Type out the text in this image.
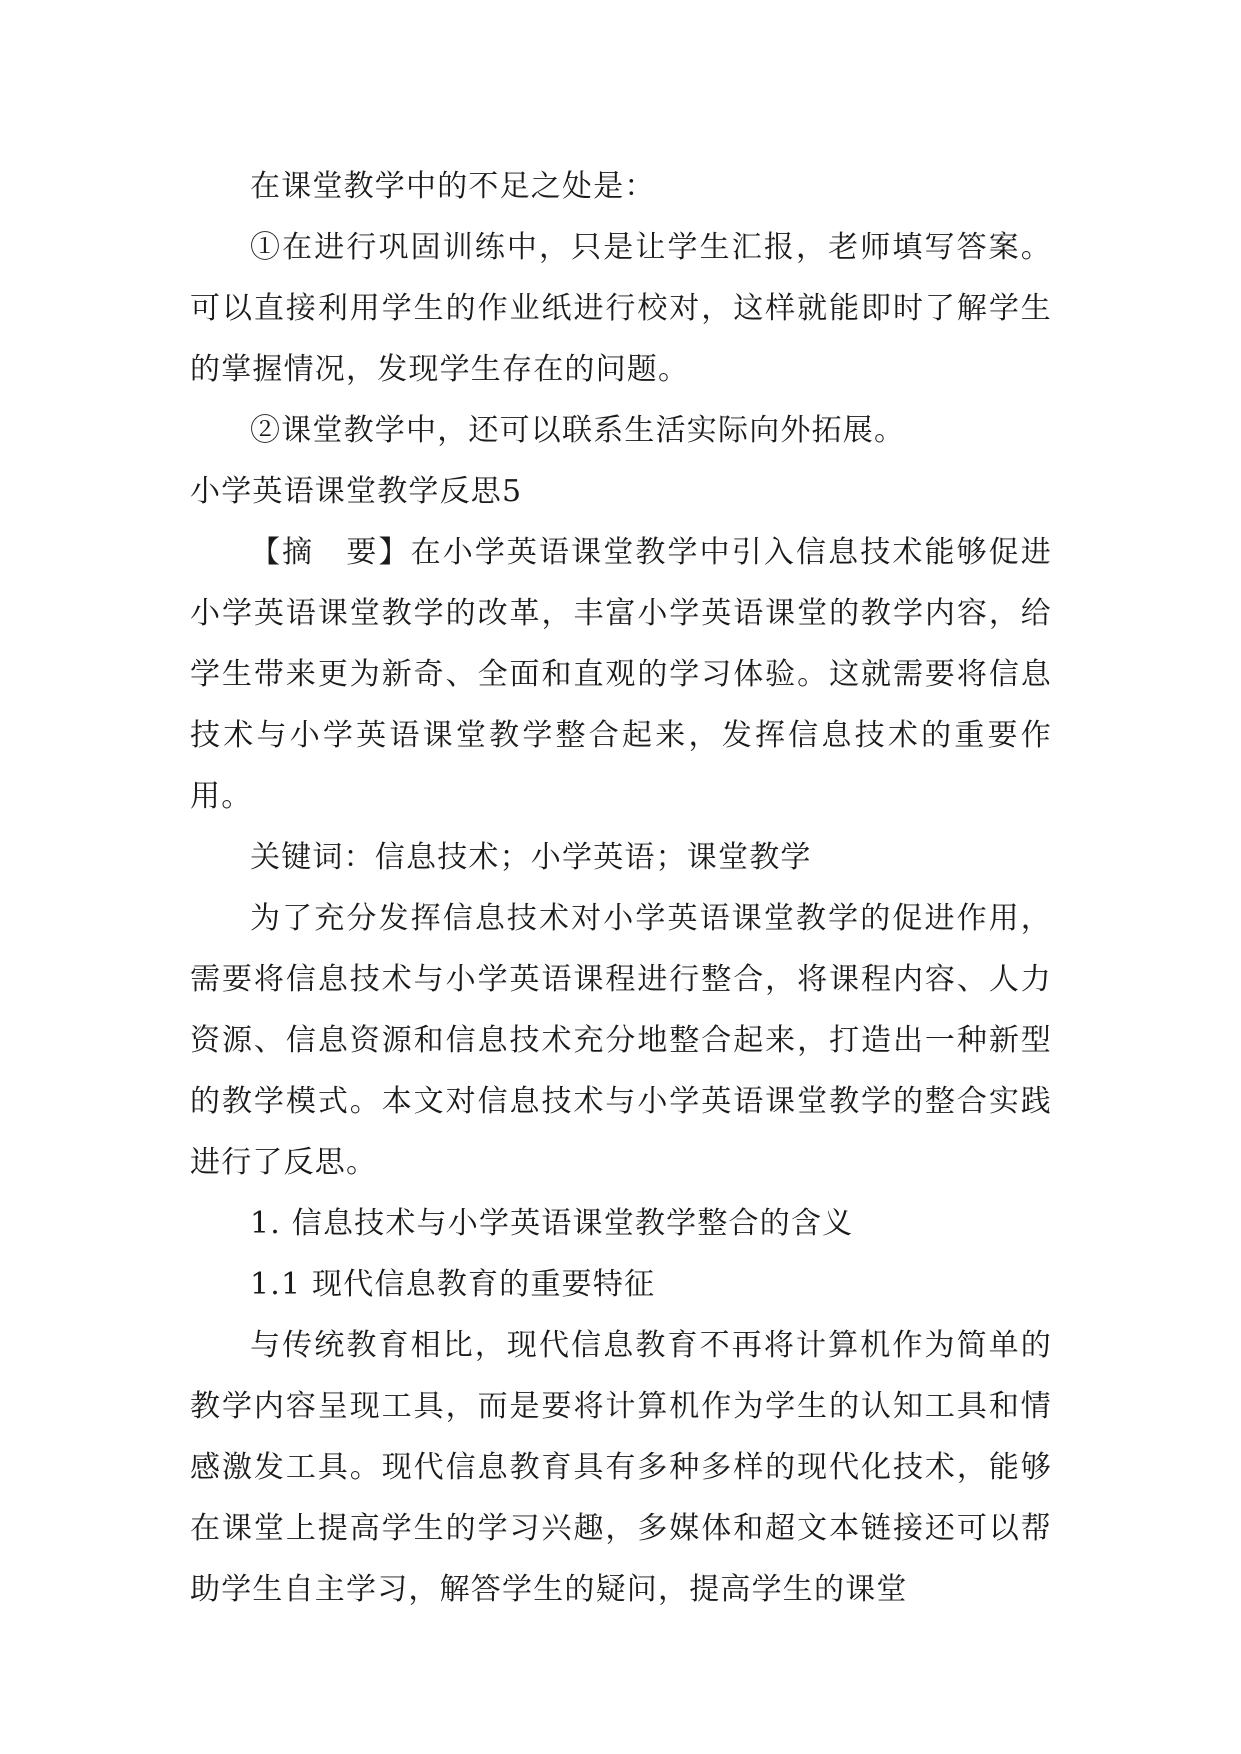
在课堂教学中的不足之处是：

①在进行巩固训练中，只是让学生汇报，老师填写答案。可以直接利用学生的作业纸进行校对，这样就能即时了解学生的掌握情况，发现学生存在的问题。

②课堂教学中，还可以联系生活实际向外拓展。

小学英语课堂教学反思5

【摘　要】在小学英语课堂教学中引入信息技术能够促进小学英语课堂教学的改革，丰富小学英语课堂的教学内容，给学生带来更为新奇、全面和直观的学习体验。这就需要将信息技术与小学英语课堂教学整合起来，发挥信息技术的重要作用。

关键词：信息技术；小学英语；课堂教学

为了充分发挥信息技术对小学英语课堂教学的促进作用，需要将信息技术与小学英语课程进行整合，将课程内容、人力资源、信息资源和信息技术充分地整合起来，打造出一种新型的教学模式。本文对信息技术与小学英语课堂教学的整合实践进行了反思。

1. 信息技术与小学英语课堂教学整合的含义

1.1 现代信息教育的重要特征

与传统教育相比，现代信息教育不再将计算机作为简单的教学内容呈现工具，而是要将计算机作为学生的认知工具和情感激发工具。现代信息教育具有多种多样的现代化技术，能够在课堂上提高学生的学习兴趣，多媒体和超文本链接还可以帮助学生自主学习，解答学生的疑问，提高学生的课堂
